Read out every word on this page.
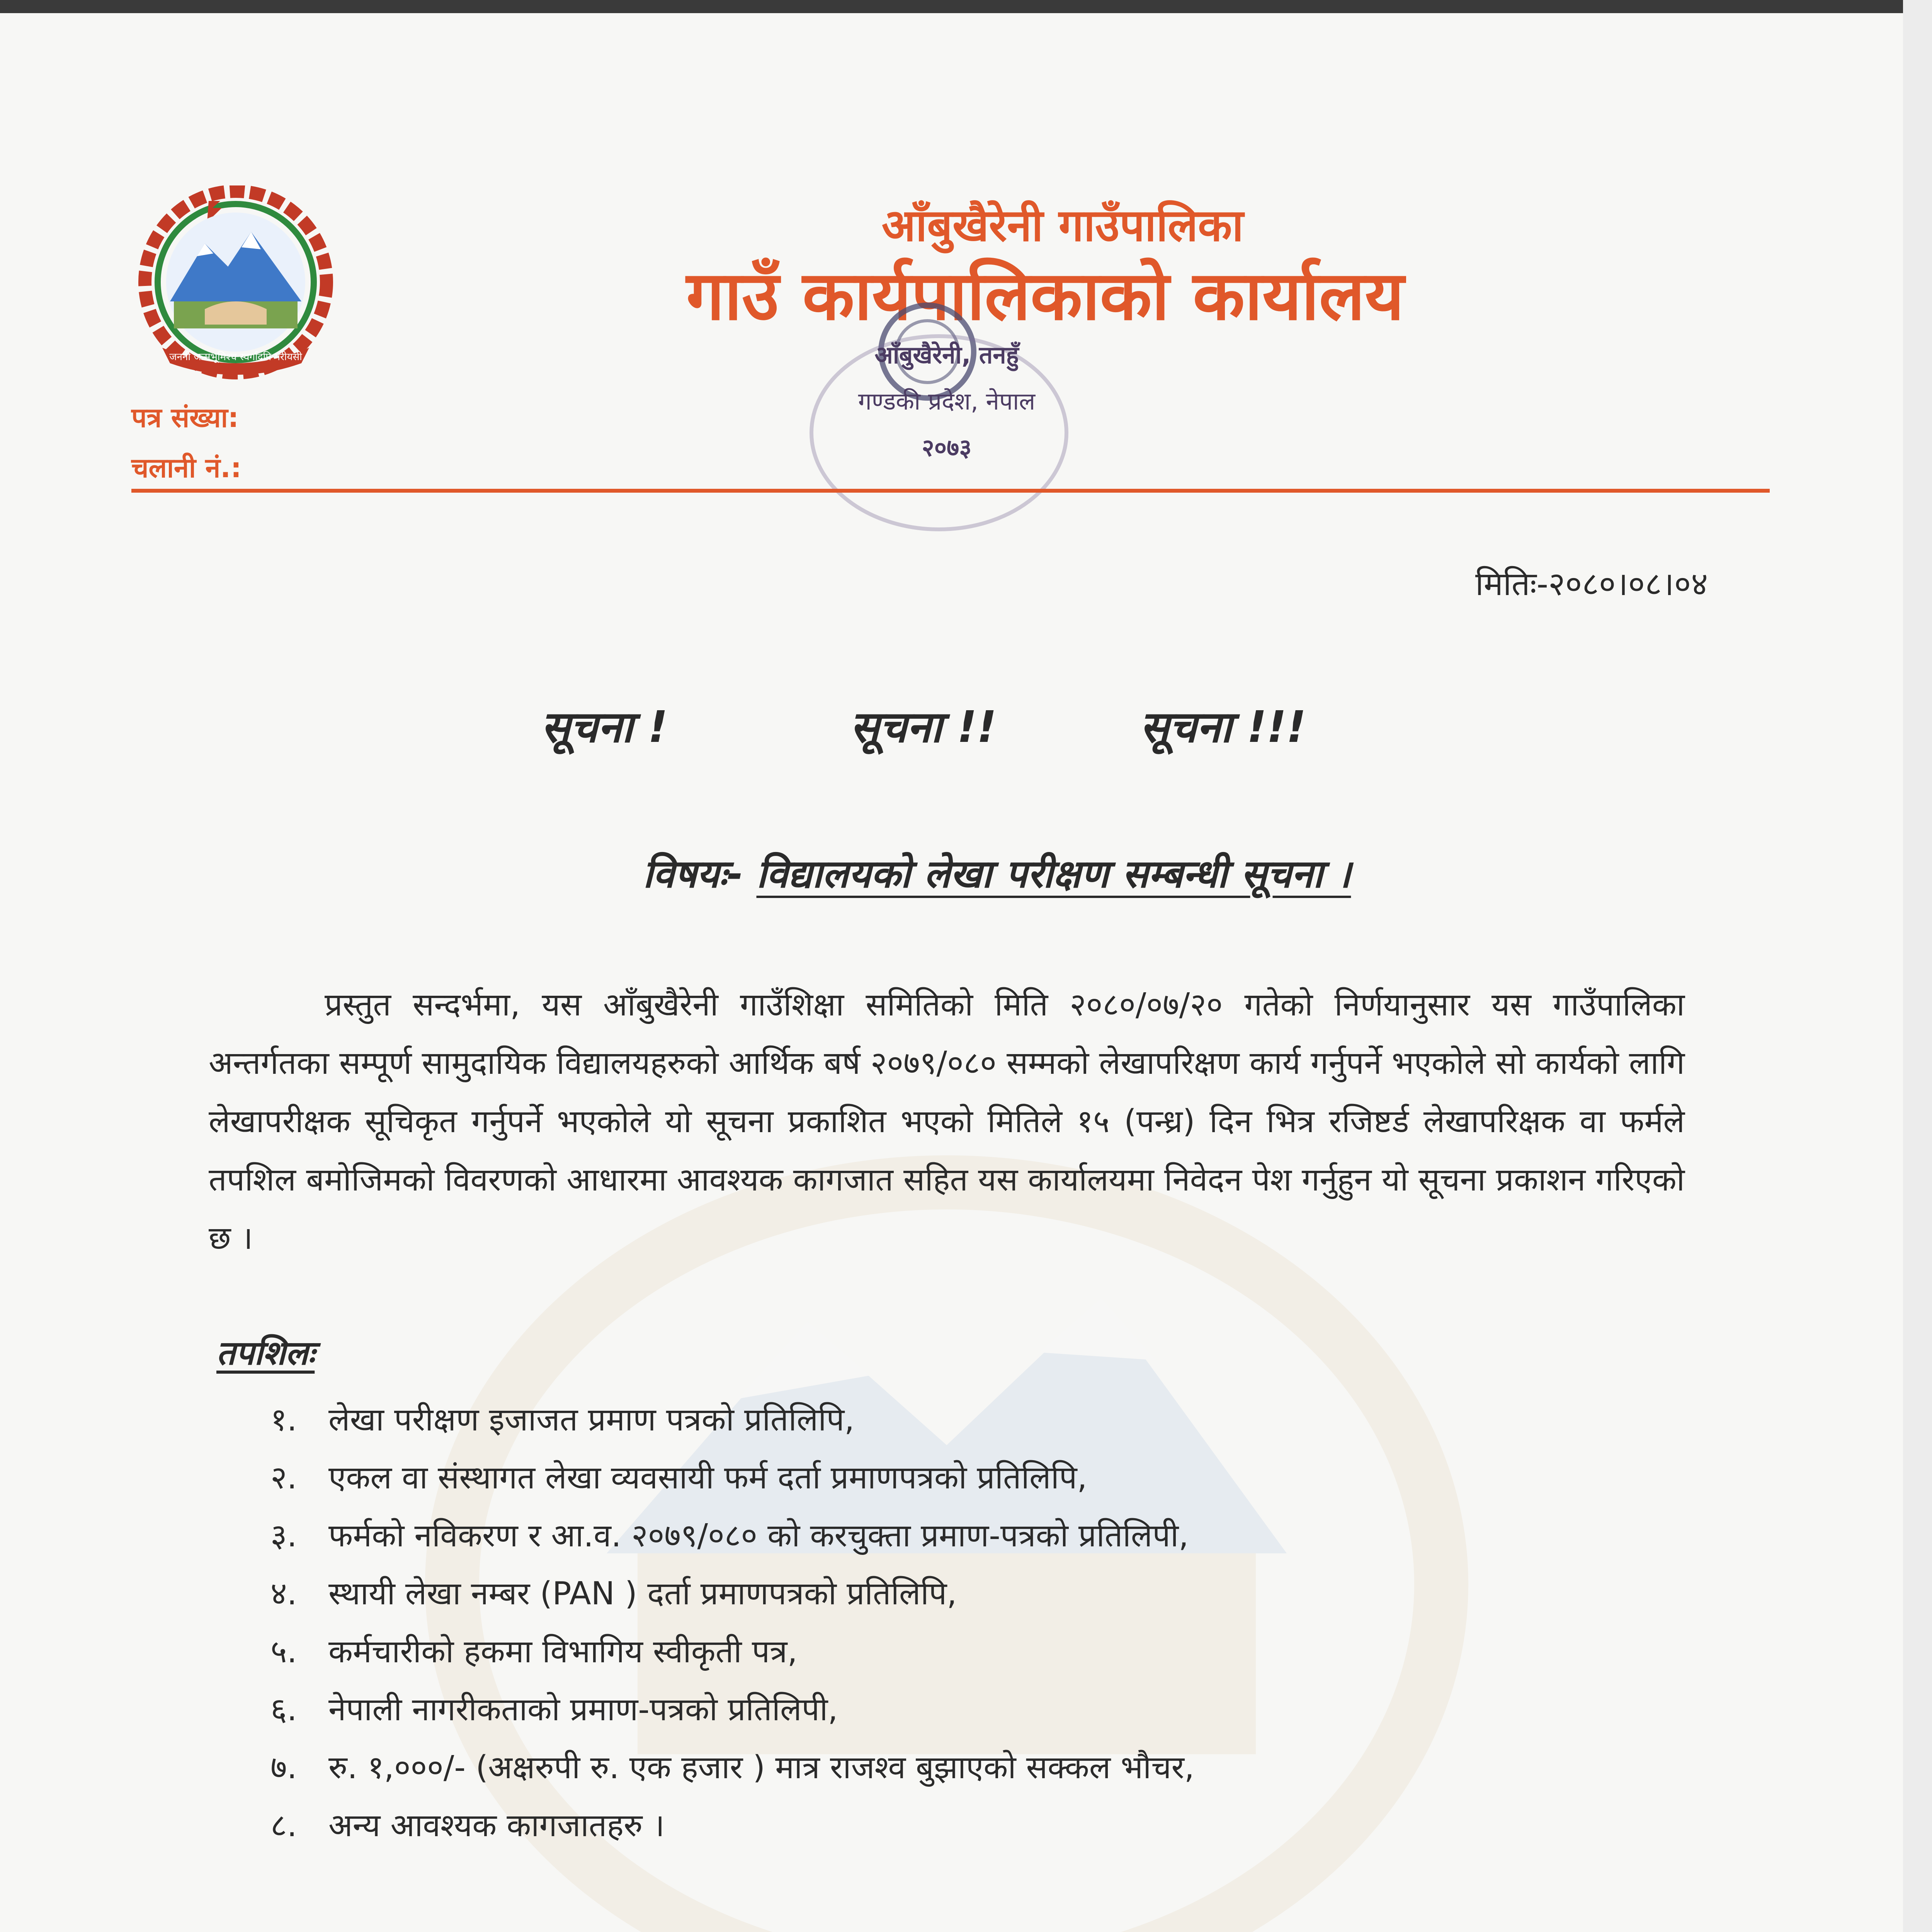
जननी जन्मभूमिश्च स्वर्गादपि गरीयसी
आँबुखैरेनी गाउँपालिका
गाउँ कार्यपालिकाको कार्यालय
पत्र संख्या:
चलानी नं.:
आँबुखैरेनी, तनहुँ
गण्डकी प्रदेश, नेपाल
२०७३
मितिः-२०८०।०८।०४
सूचना !	सूचना !!	सूचना !!!
विषयः- विद्यालयको लेखा परीक्षण सम्बन्धी सूचना ।
प्रस्तुत सन्दर्भमा, यस आँबुखैरेनी गाउँशिक्षा समितिको मिति २०८०/०७/२० गतेको निर्णयानुसार यस गाउँपालिका अन्तर्गतका सम्पूर्ण सामुदायिक विद्यालयहरुको आर्थिक बर्ष २०७९/०८० सम्मको लेखापरिक्षण कार्य गर्नुपर्ने भएकोले सो कार्यको लागि लेखापरीक्षक सूचिकृत गर्नुपर्ने भएकोले यो सूचना प्रकाशित भएको मितिले १५ (पन्ध्र) दिन भित्र रजिष्टर्ड लेखापरिक्षक वा फर्मले तपशिल बमोजिमको विवरणको आधारमा आवश्यक कागजात सहित यस कार्यालयमा निवेदन पेश गर्नुहुन यो सूचना प्रकाशन गरिएको छ ।
तपशिलः
१. लेखा परीक्षण इजाजत प्रमाण पत्रको प्रतिलिपि,
२. एकल वा संस्थागत लेखा व्यवसायी फर्म दर्ता प्रमाणपत्रको प्रतिलिपि,
३. फर्मको नविकरण र आ.व. २०७९/०८० को करचुक्ता प्रमाण-पत्रको प्रतिलिपी,
४. स्थायी लेखा नम्बर (PAN ) दर्ता प्रमाणपत्रको प्रतिलिपि,
५. कर्मचारीको हकमा विभागिय स्वीकृती पत्र,
६. नेपाली नागरीकताको प्रमाण-पत्रको प्रतिलिपी,
७. रु. १,०००/- (अक्षरुपी रु. एक हजार ) मात्र राजश्व बुझाएको सक्कल भौचर,
८. अन्य आवश्यक कागजातहरु ।
